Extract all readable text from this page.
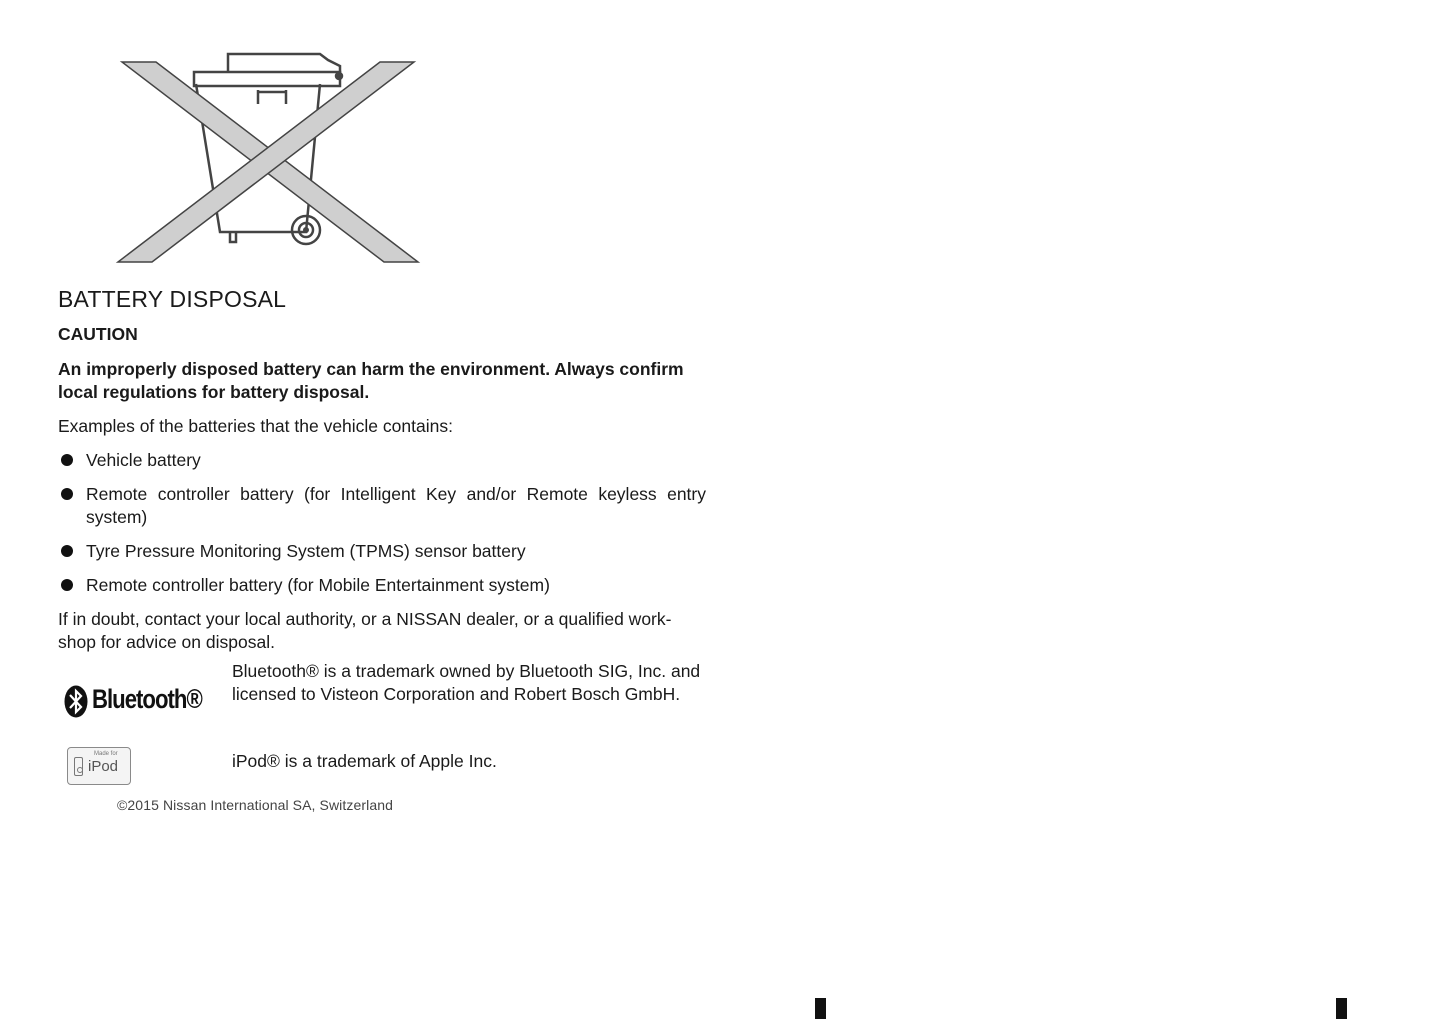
BATTERY DISPOSAL
CAUTION
An improperly disposed battery can harm the environment. Always confirm local regulations for battery disposal.
Examples of the batteries that the vehicle contains:
Vehicle battery
Remote controller battery (for Intelligent Key and/or Remote keyless entry system)
Tyre Pressure Monitoring System (TPMS) sensor battery
Remote controller battery (for Mobile Entertainment system)
If in doubt, contact your local authority, or a NISSAN dealer, or a qualified work-shop for advice on disposal.
Bluetooth®
Bluetooth® is a trademark owned by Bluetooth SIG, Inc. and licensed to Visteon Corporation and Robert Bosch GmbH.
Made for
iPod	iPod® is a trademark of Apple Inc.
©2015 Nissan International SA, Switzerland
